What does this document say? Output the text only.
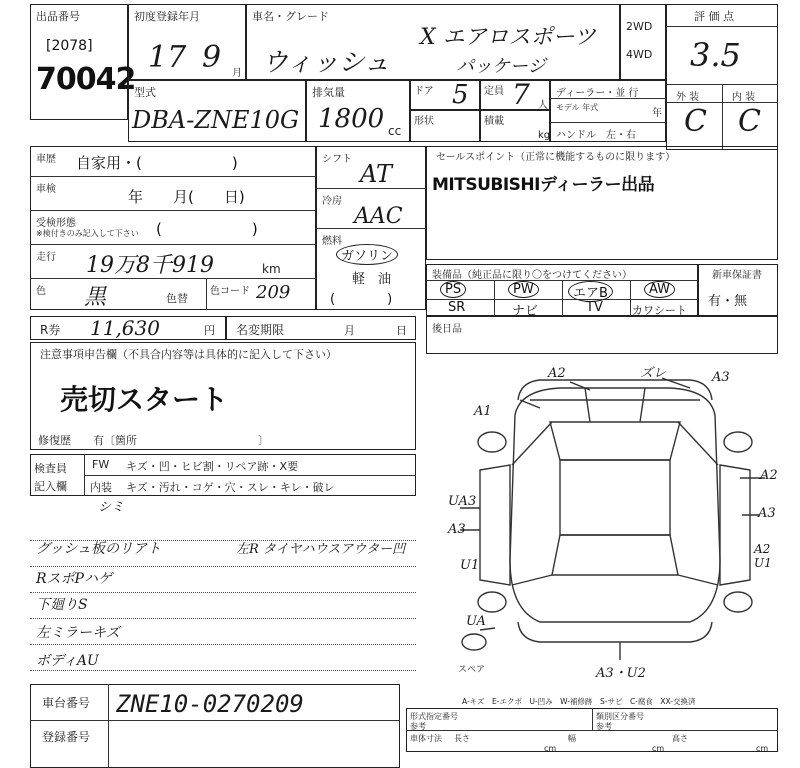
出品番号
[2078]
70042
初度登録年月
17 9 月
車名・グレード
ウィッシュ
X エアロスポーツ
パッケージ
2WD
4WD
評 価 点
3.5
外 装	内 装
C C
型式
DBA-ZNE10G
排気量
1800 cc
ドア 5 定員 7 人
形状	積載
kg
ディーラー・並 行
モデル 年式
年
ハンドル　左・右
車歴 自家用・(　　　　　　)
車検	年　　月(　　日)
受検形態
※検付きのみ記入して下さい (　　　　　　)
走行 19万8千919	km
色 黒	色替
色コード 209
シフト
AT
冷房
AAC
燃料
ガソリン
軽　油
(　　　　)
セールスポイント（正常に機能するものに限ります）
MITSUBISHIディーラー出品
装備品（純正品に限り〇をつけてください）
PS	PW	エアB	AW
SR	ナビ	TV	カワシート
新車保証書
有・無
R券 11,630	円 名変期限	月	日	後日品
注意事項申告欄（不具合内容等は具体的に記入して下さい）
売切スタート
修復歴　　有〔箇所　　　　　　　　　　　〕
検査員
記入欄
FW キズ・凹・ヒビ割・リペア跡・X要
内装 キズ・汚れ・コゲ・穴・スレ・キレ・破レ
シミ
グッシュ板のリアト	左R タイヤハウスアウター凹
RスポPハゲ
下廻りS
左ミラーキズ
ボディAU
A2	ズレ	A3
A1
A2
A3
UA3
A3
U1
A2
U1
UA
A3・U2
スペア
車台番号 ZNE10-0270209
登録番号
A-キズ　E-エクボ　U-凹み　W-補修跡　S-サビ　C-腐食　XX-交換済
形式指定番号	類別区分番号
参考	参考
車体寸法 長さ	幅	高さ
cm	cm	cm
